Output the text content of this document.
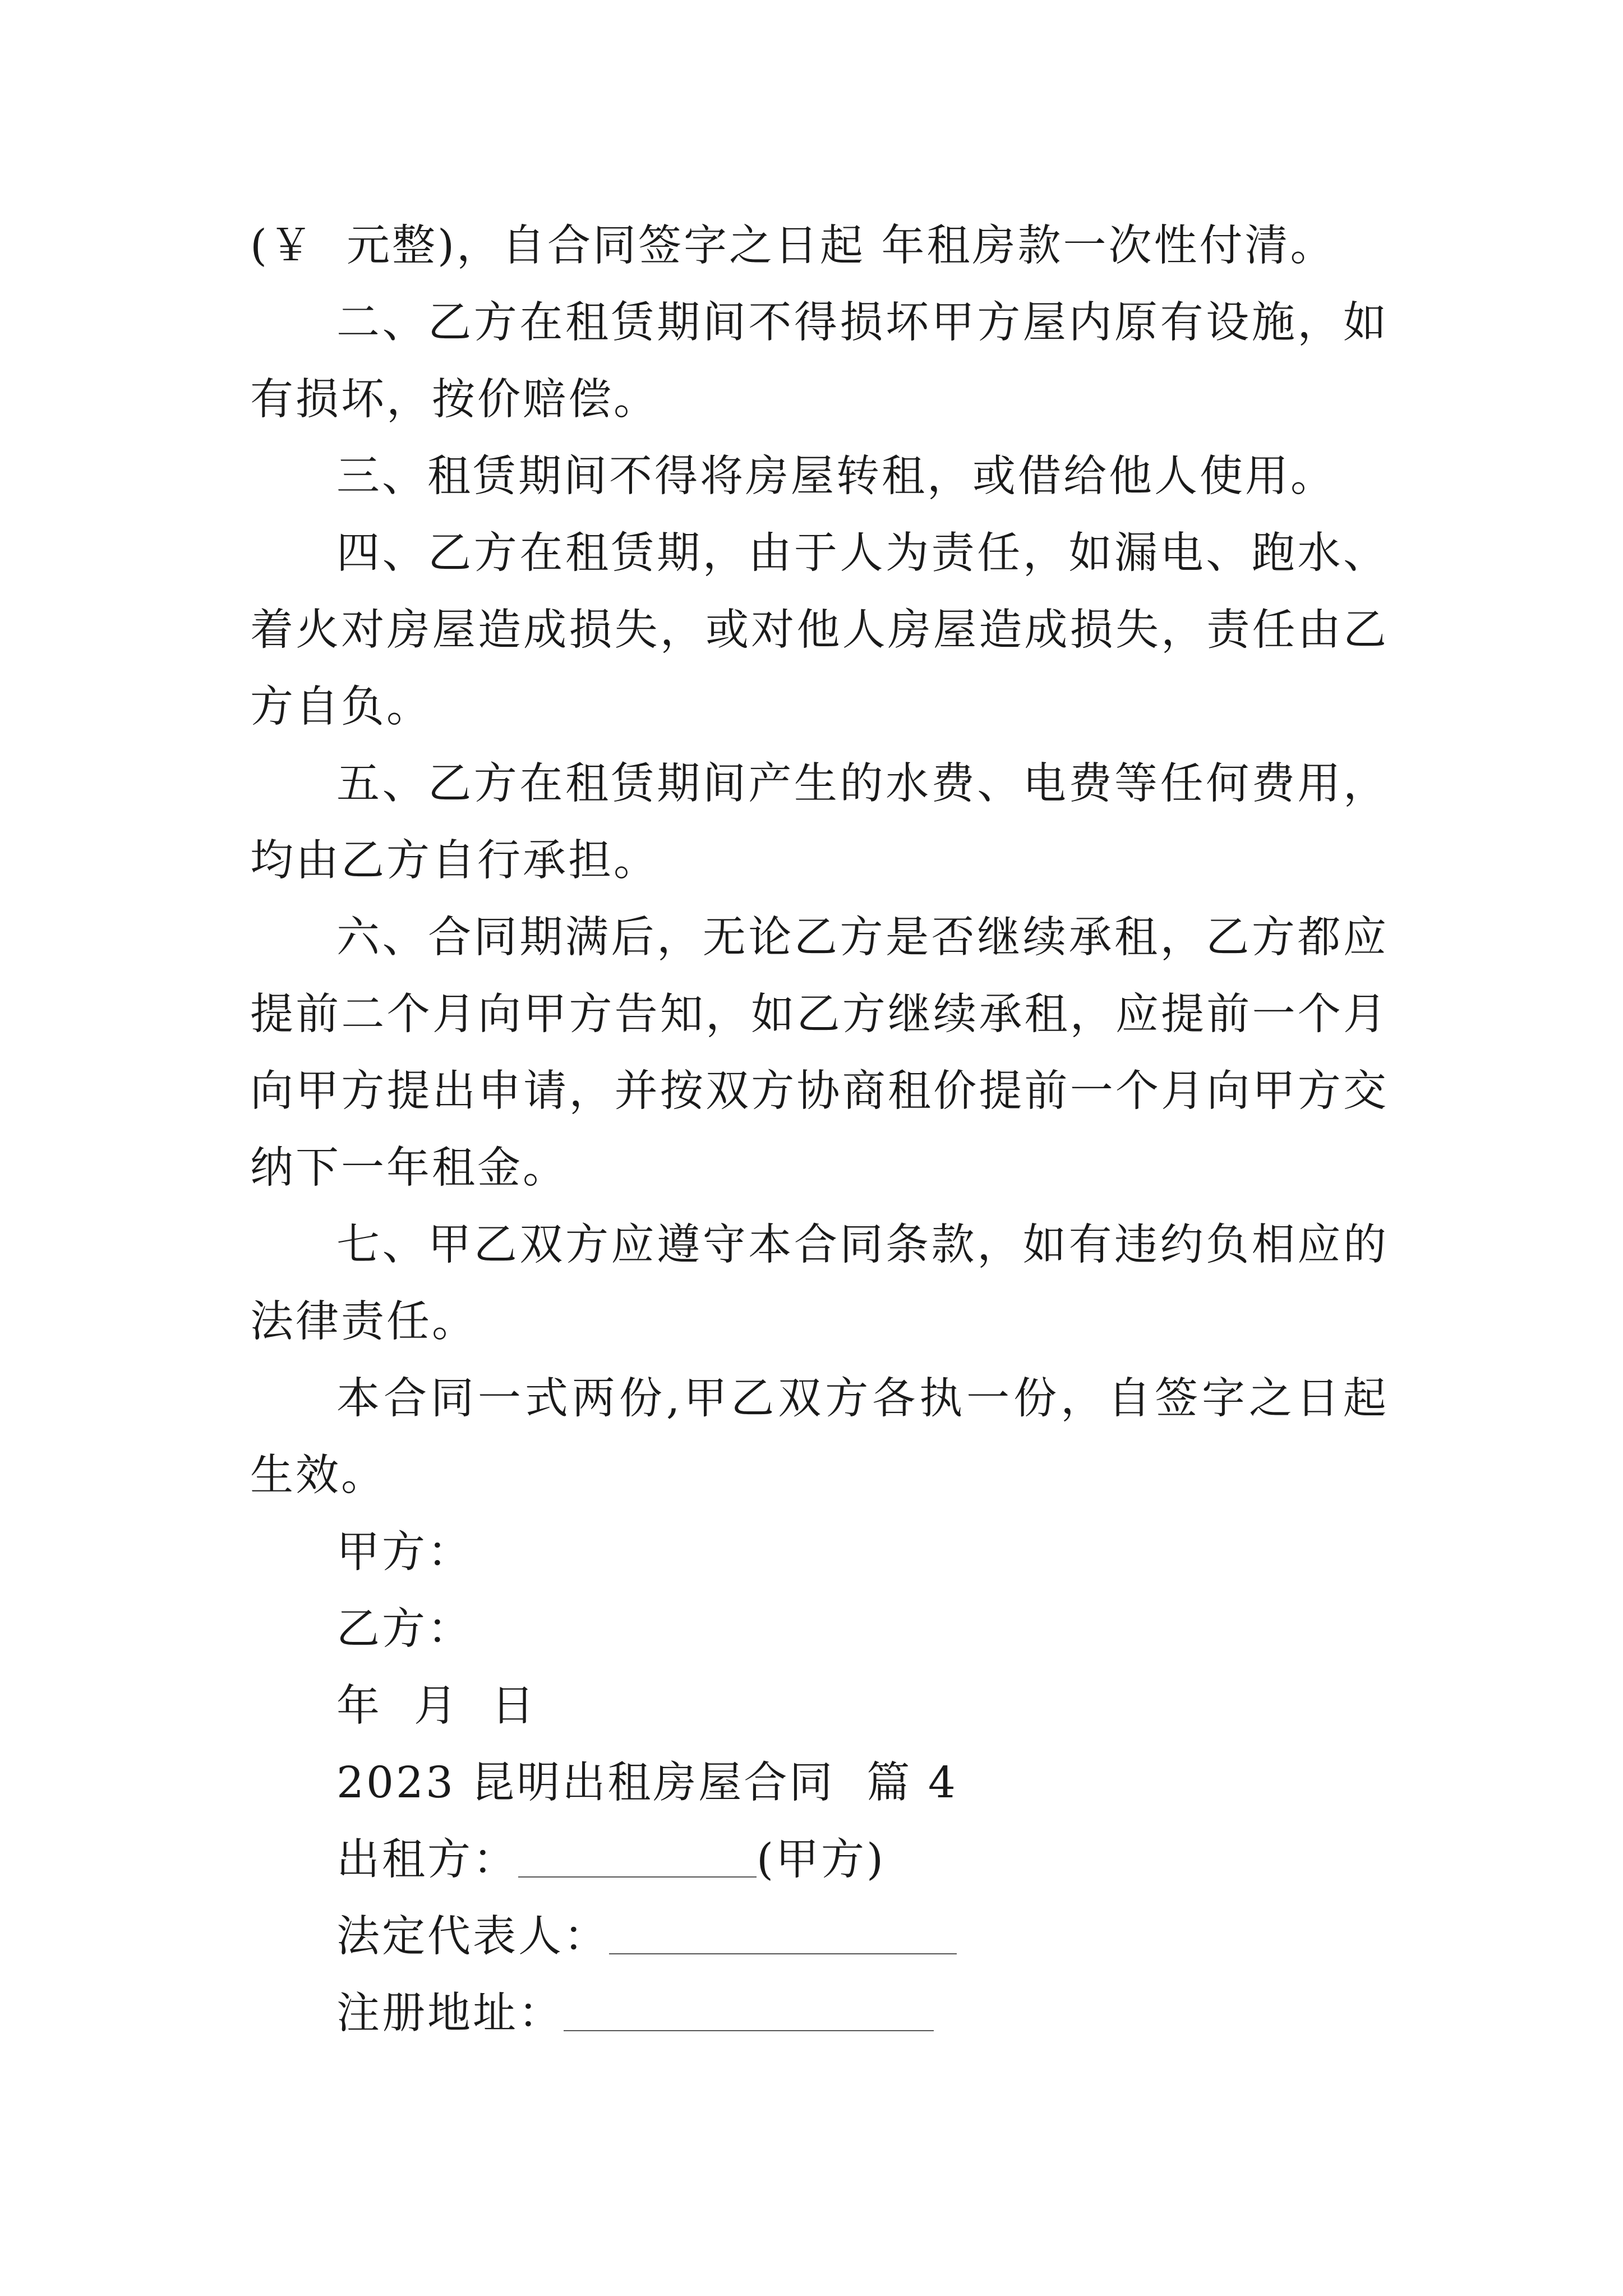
(￥  元整)，自合同签字之日起 年租房款一次性付清。

二、乙方在租赁期间不得损坏甲方屋内原有设施，如有损坏，按价赔偿。

三、租赁期间不得将房屋转租，或借给他人使用。

四、乙方在租赁期，由于人为责任，如漏电、跑水、着火对房屋造成损失，或对他人房屋造成损失，责任由乙方自负。

五、乙方在租赁期间产生的水费、电费等任何费用，均由乙方自行承担。

六、合同期满后，无论乙方是否继续承租，乙方都应提前二个月向甲方告知，如乙方继续承租，应提前一个月向甲方提出申请，并按双方协商租价提前一个月向甲方交纳下一年租金。

七、甲乙双方应遵守本合同条款，如有违约负相应的法律责任。

本合同一式两份,甲乙双方各执一份，自签字之日起生效。

甲方：

乙方：

年  月  日

2023 昆明出租房屋合同  篇 4

出租方：	(甲方)

法定代表人：

注册地址：
